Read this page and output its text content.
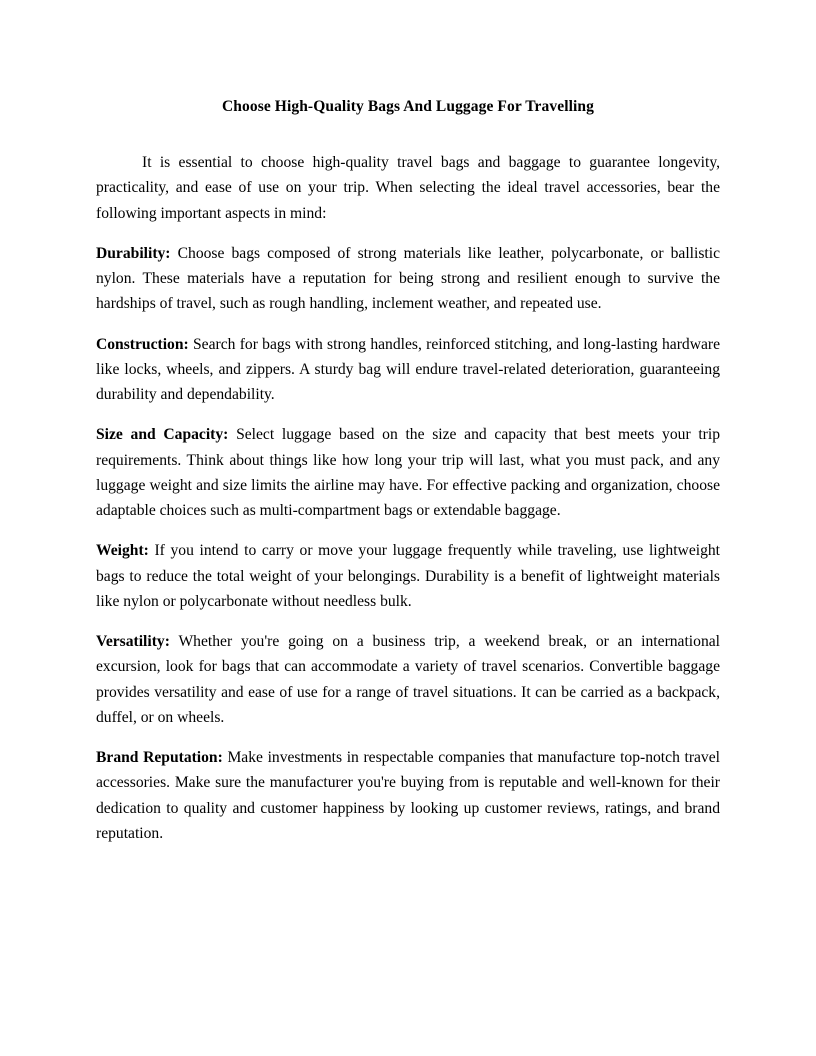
Choose High-Quality Bags And Luggage For Travelling

It is essential to choose high-quality travel bags and baggage to guarantee longevity, practicality, and ease of use on your trip. When selecting the ideal travel accessories, bear the following important aspects in mind:

Durability: Choose bags composed of strong materials like leather, polycarbonate, or ballistic nylon. These materials have a reputation for being strong and resilient enough to survive the hardships of travel, such as rough handling, inclement weather, and repeated use.

Construction: Search for bags with strong handles, reinforced stitching, and long-lasting hardware like locks, wheels, and zippers. A sturdy bag will endure travel-related deterioration, guaranteeing durability and dependability.

Size and Capacity: Select luggage based on the size and capacity that best meets your trip requirements. Think about things like how long your trip will last, what you must pack, and any luggage weight and size limits the airline may have. For effective packing and organization, choose adaptable choices such as multi-compartment bags or extendable baggage.

Weight: If you intend to carry or move your luggage frequently while traveling, use lightweight bags to reduce the total weight of your belongings. Durability is a benefit of lightweight materials like nylon or polycarbonate without needless bulk.

Versatility: Whether you're going on a business trip, a weekend break, or an international excursion, look for bags that can accommodate a variety of travel scenarios. Convertible baggage provides versatility and ease of use for a range of travel situations. It can be carried as a backpack, duffel, or on wheels.

Brand Reputation: Make investments in respectable companies that manufacture top-notch travel accessories. Make sure the manufacturer you're buying from is reputable and well-known for their dedication to quality and customer happiness by looking up customer reviews, ratings, and brand reputation.
